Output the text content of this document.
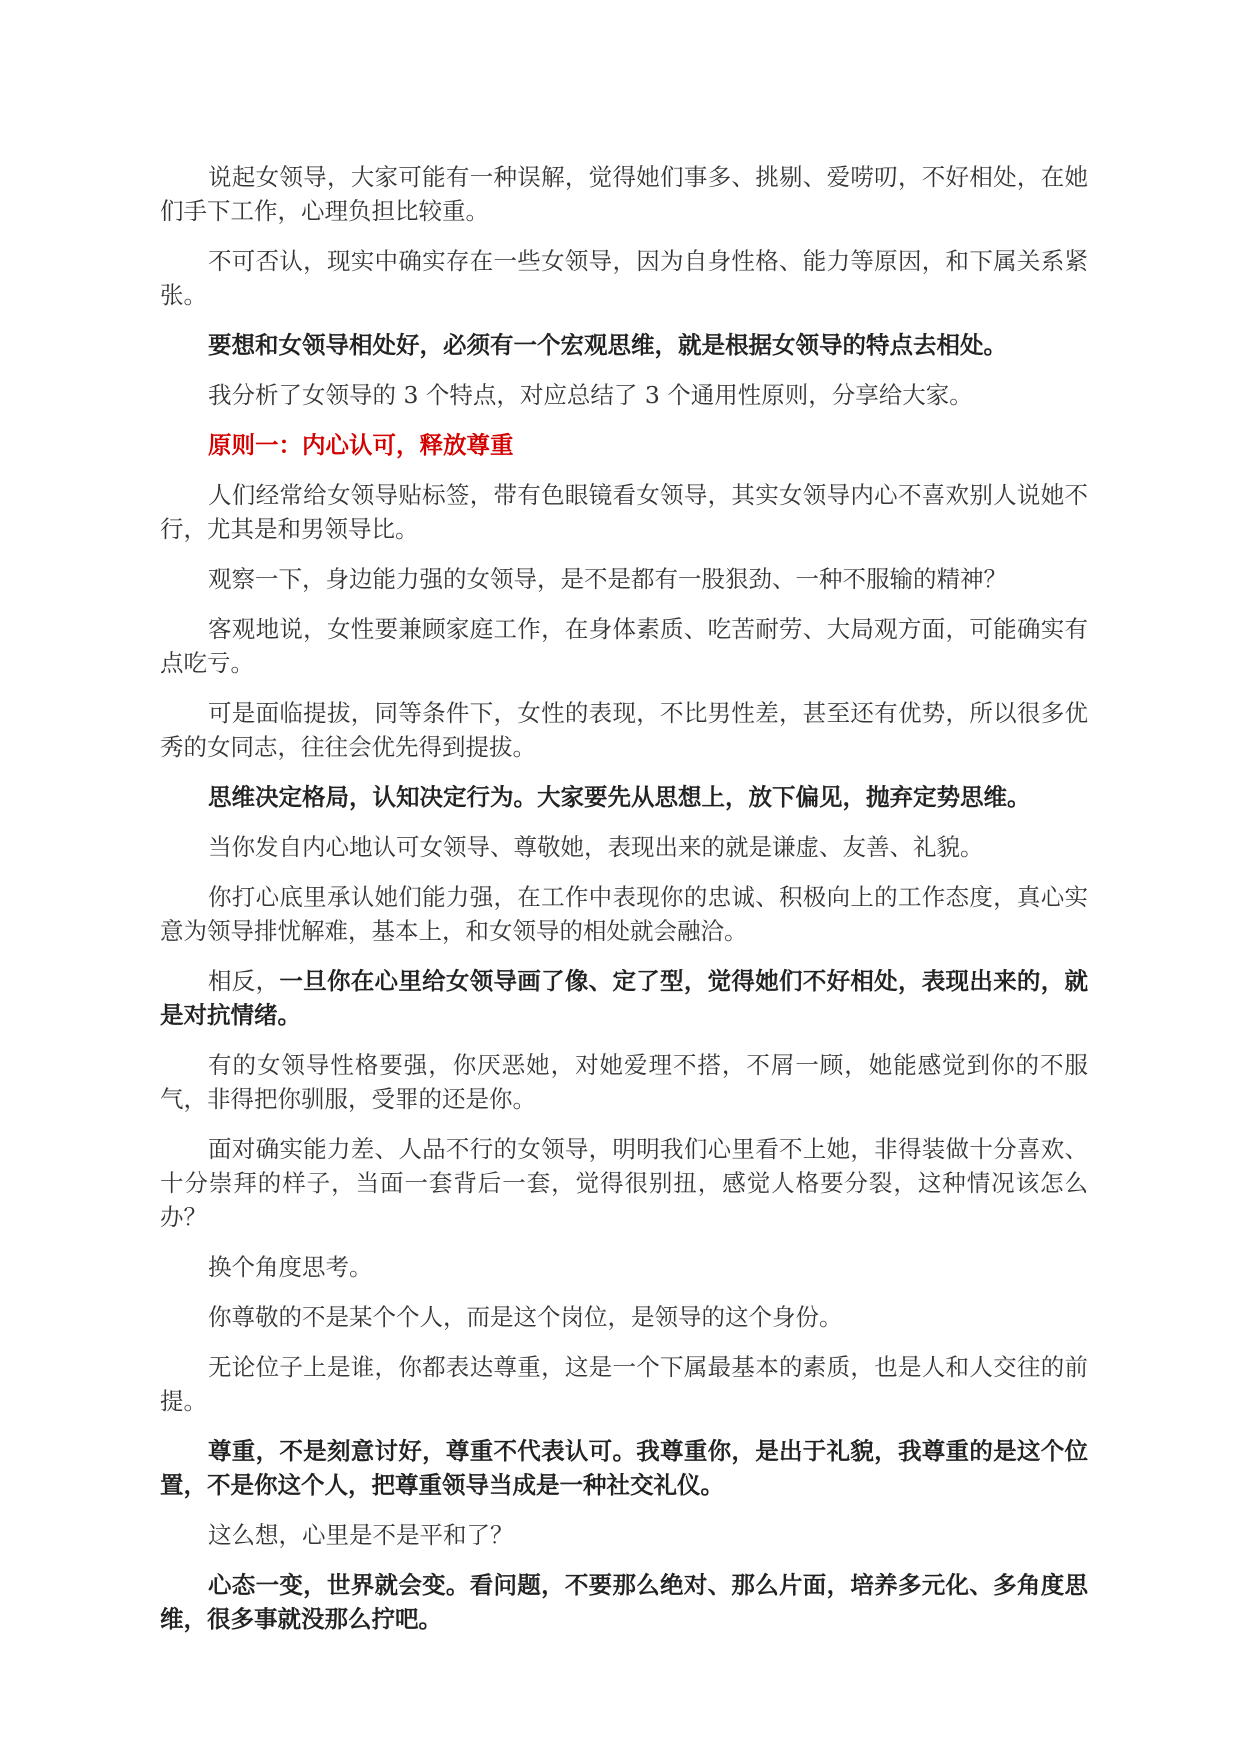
说起女领导，大家可能有一种误解，觉得她们事多、挑剔、爱唠叨，不好相处，在她们手下工作，心理负担比较重。

不可否认，现实中确实存在一些女领导，因为自身性格、能力等原因，和下属关系紧张。

要想和女领导相处好，必须有一个宏观思维，就是根据女领导的特点去相处。

我分析了女领导的 3 个特点，对应总结了 3 个通用性原则，分享给大家。

原则一：内心认可，释放尊重

人们经常给女领导贴标签，带有色眼镜看女领导，其实女领导内心不喜欢别人说她不行，尤其是和男领导比。

观察一下，身边能力强的女领导，是不是都有一股狠劲、一种不服输的精神？

客观地说，女性要兼顾家庭工作，在身体素质、吃苦耐劳、大局观方面，可能确实有点吃亏。

可是面临提拔，同等条件下，女性的表现，不比男性差，甚至还有优势，所以很多优秀的女同志，往往会优先得到提拔。

思维决定格局，认知决定行为。大家要先从思想上，放下偏见，抛弃定势思维。

当你发自内心地认可女领导、尊敬她，表现出来的就是谦虚、友善、礼貌。

你打心底里承认她们能力强，在工作中表现你的忠诚、积极向上的工作态度，真心实意为领导排忧解难，基本上，和女领导的相处就会融洽。

相反，一旦你在心里给女领导画了像、定了型，觉得她们不好相处，表现出来的，就是对抗情绪。

有的女领导性格要强，你厌恶她，对她爱理不搭，不屑一顾，她能感觉到你的不服气，非得把你驯服，受罪的还是你。

面对确实能力差、人品不行的女领导，明明我们心里看不上她，非得装做十分喜欢、十分崇拜的样子，当面一套背后一套，觉得很别扭，感觉人格要分裂，这种情况该怎么办？

换个角度思考。

你尊敬的不是某个个人，而是这个岗位，是领导的这个身份。

无论位子上是谁，你都表达尊重，这是一个下属最基本的素质，也是人和人交往的前提。

尊重，不是刻意讨好，尊重不代表认可。我尊重你，是出于礼貌，我尊重的是这个位置，不是你这个人，把尊重领导当成是一种社交礼仪。

这么想，心里是不是平和了？

心态一变，世界就会变。看问题，不要那么绝对、那么片面，培养多元化、多角度思维，很多事就没那么拧吧。
